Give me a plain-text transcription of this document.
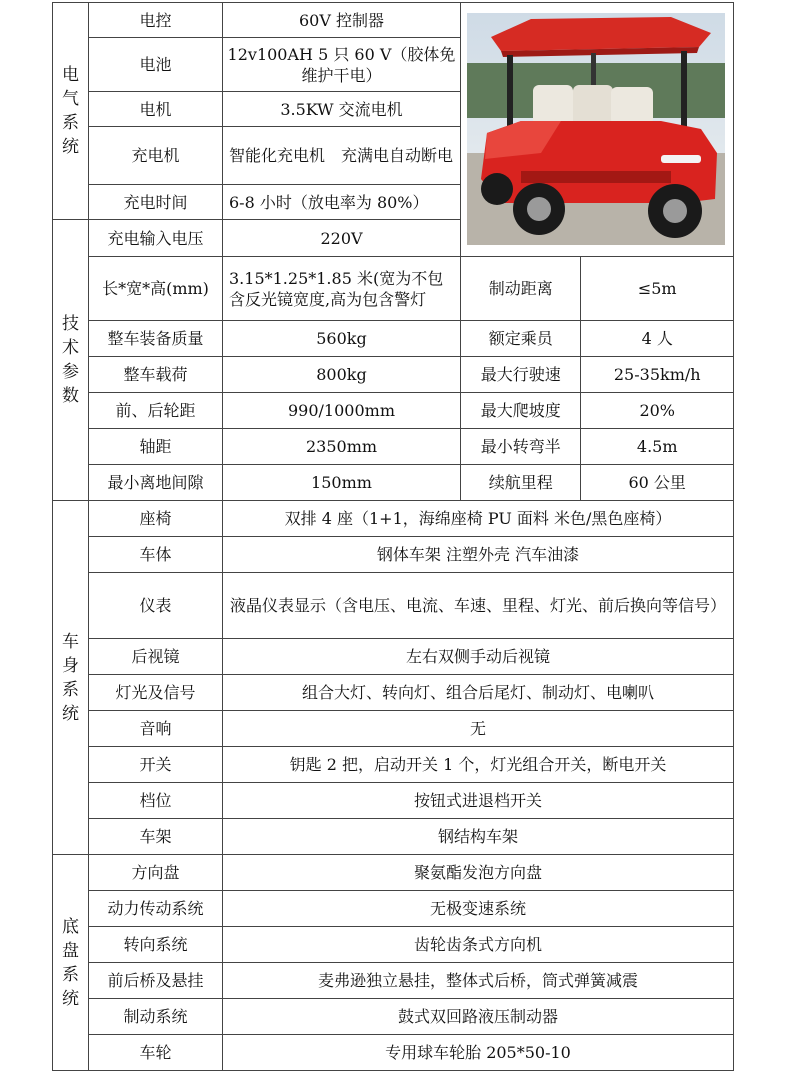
电气系统	电控	60V 控制器	

	电池	12v100AH 5 只 60 V（胶体免维护干电）		
	电机	3.5KW 交流电机		
	充电机	智能化充电机　充满电自动断电		
	充电时间	6-8 小时（放电率为 80%）		
技术参数	充电输入电压	220V		
	长*宽*高(mm)	3.15*1.25*1.85 米(宽为不包含反光镜宽度,高为包含警灯	制动距离	≤5m
	整车装备质量	560kg	额定乘员	4 人
	整车载荷	800kg	最大行驶速	25-35km/h
	前、后轮距	990/1000mm	最大爬坡度	20%
	轴距	2350mm	最小转弯半	4.5m
	最小离地间隙	150mm	续航里程	60 公里
车身系统	座椅	双排 4 座（1+1，海绵座椅 PU 面料 米色/黑色座椅）		
	车体	钢体车架 注塑外壳 汽车油漆		
	仪表	液晶仪表显示（含电压、电流、车速、里程、灯光、前后换向等信号）		
	后视镜	左右双侧手动后视镜		
	灯光及信号	组合大灯、转向灯、组合后尾灯、制动灯、电喇叭		
	音响	无		
	开关	钥匙 2 把，启动开关 1 个，灯光组合开关，断电开关		
	档位	按钮式进退档开关		
	车架	钢结构车架		
底盘系统	方向盘	聚氨酯发泡方向盘		
	动力传动系统	无极变速系统		
	转向系统	齿轮齿条式方向机		
	前后桥及悬挂	麦弗逊独立悬挂，整体式后桥，筒式弹簧减震		
	制动系统	鼓式双回路液压制动器		
	车轮	专用球车轮胎 205*50-10		
